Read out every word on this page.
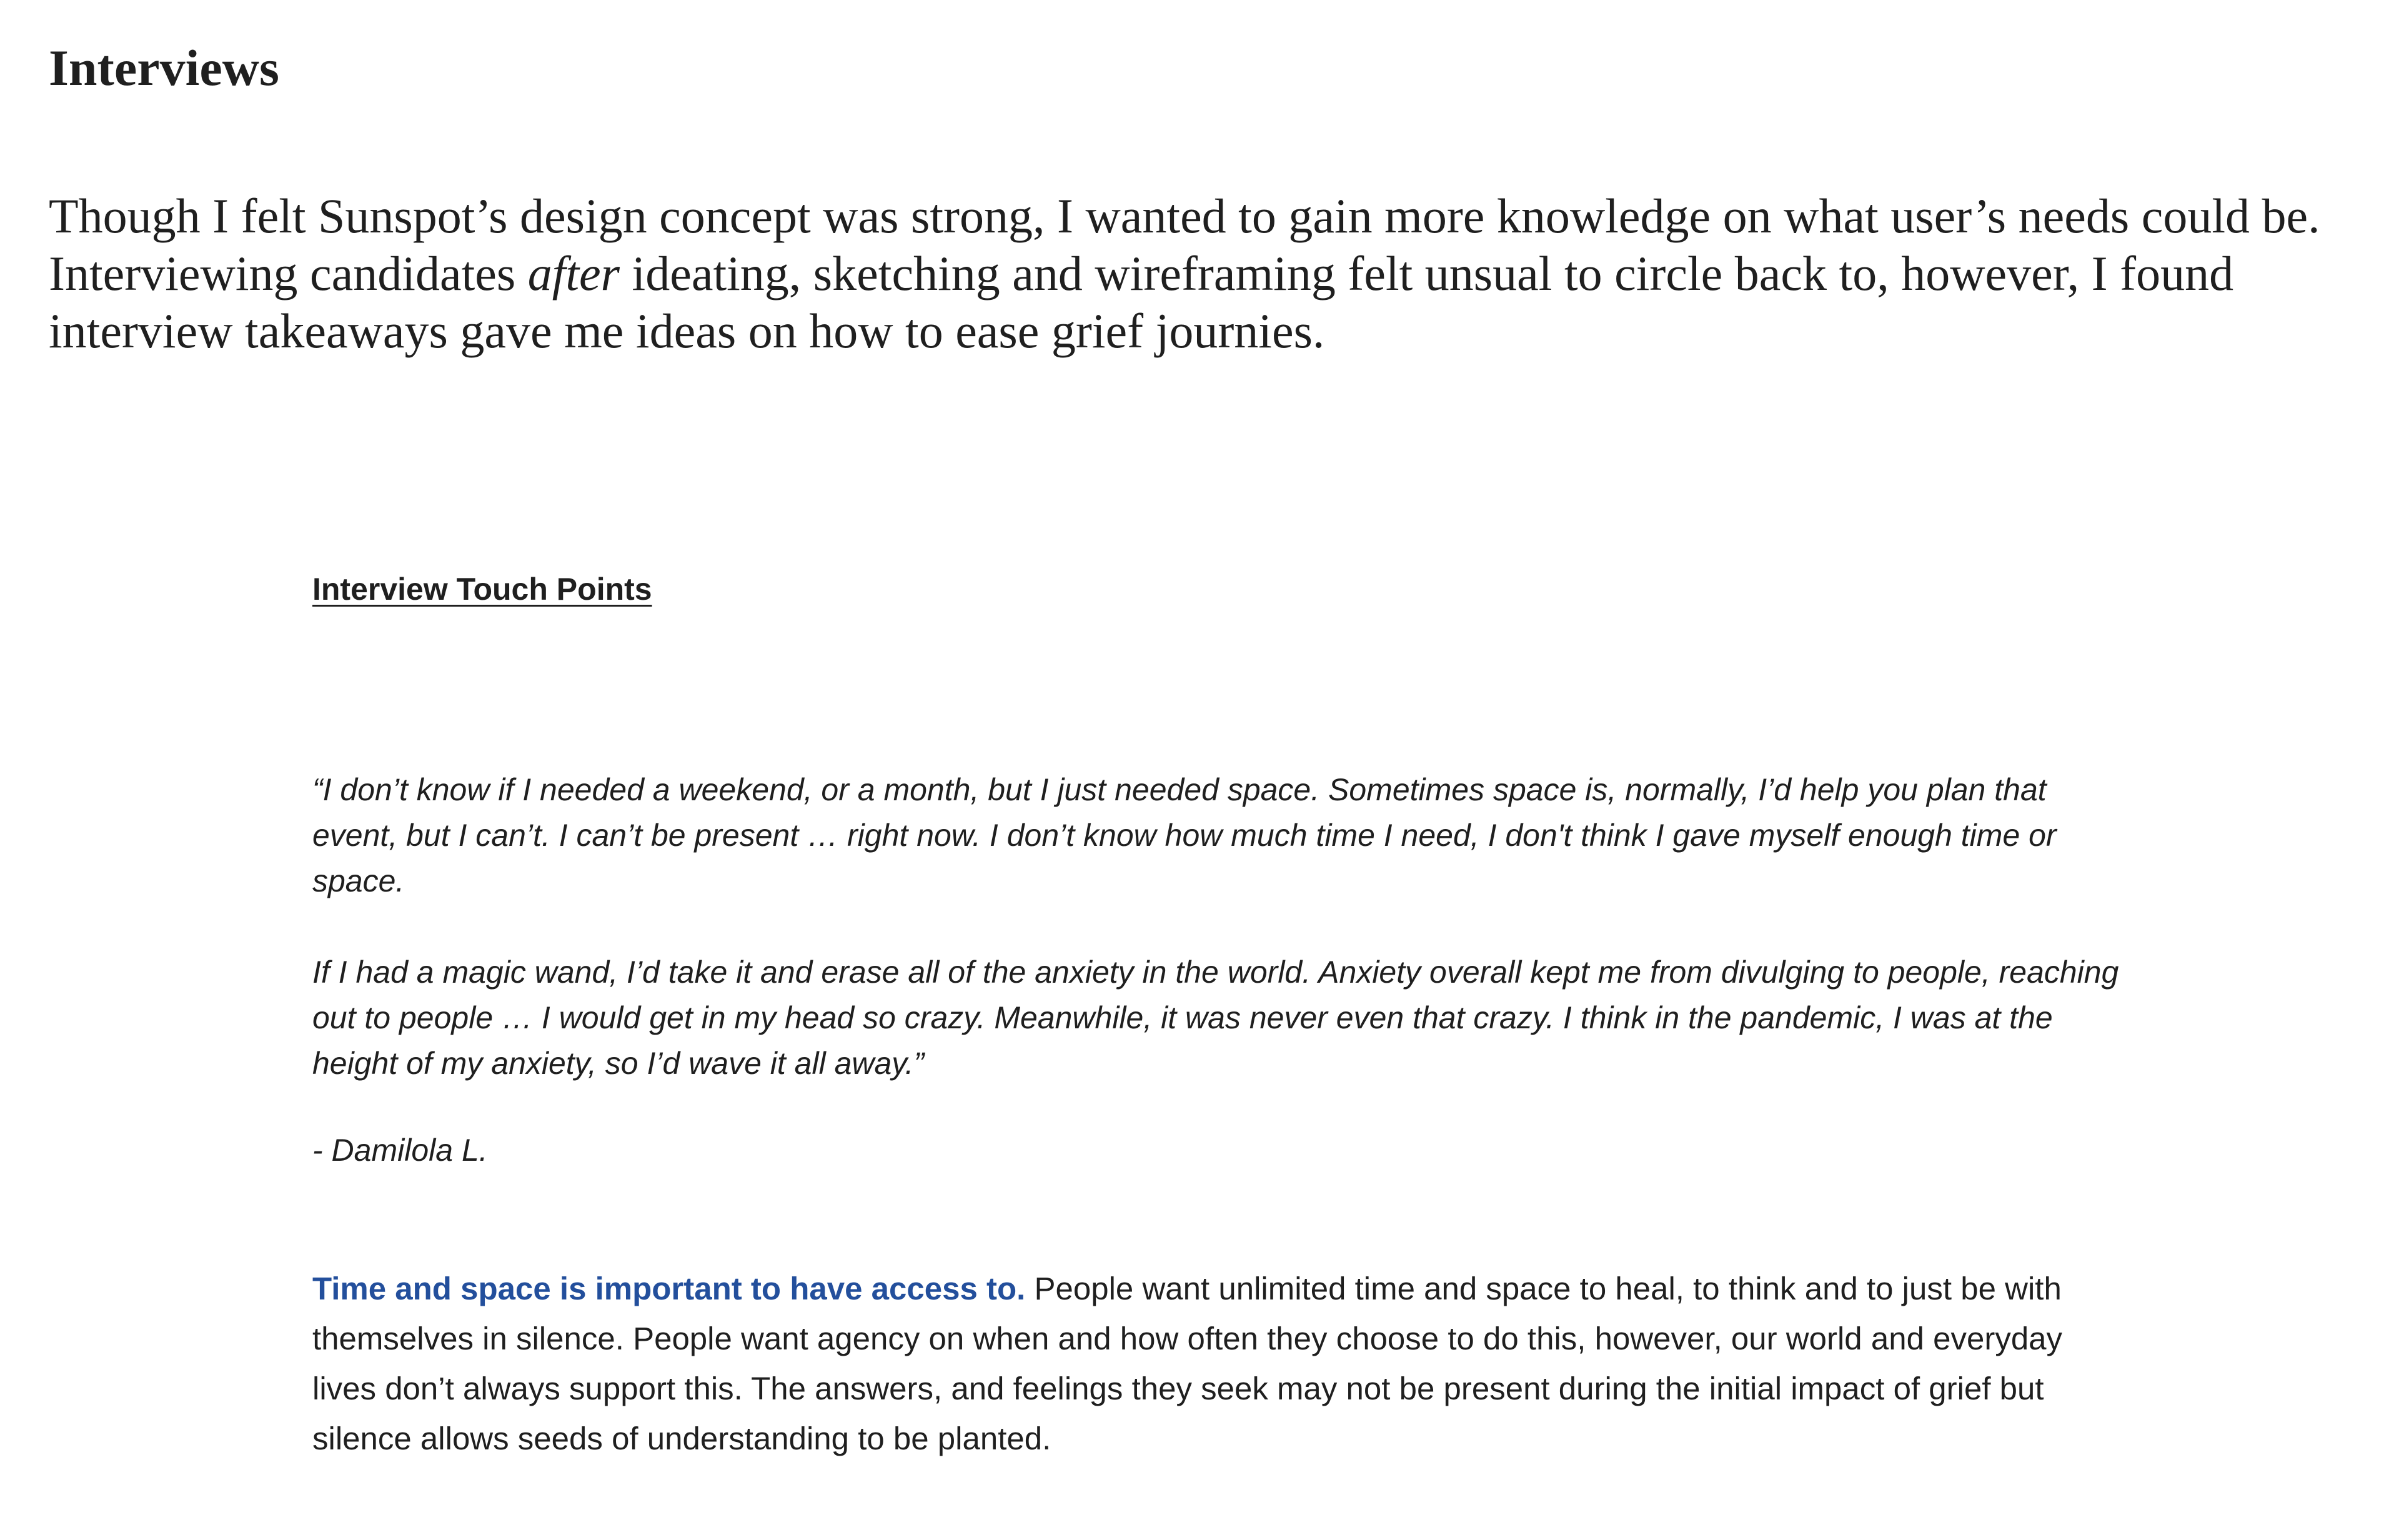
Interviews

Though I felt Sunspot’s design concept was strong, I wanted to gain more knowledge on what user’s needs could be. Interviewing candidates after ideating, sketching and wireframing felt unsual to circle back to, however, I found interview takeaways gave me ideas on how to ease grief journies.

Interview Touch Points

“I don’t know if I needed a weekend, or a month, but I just needed space. Sometimes space is, normally, I’d help you plan that event, but I can’t. I can’t be present … right now. I don’t know how much time I need, I don't think I gave myself enough time or space.

If I had a magic wand, I’d take it and erase all of the anxiety in the world. Anxiety overall kept me from divulging to people, reaching out to people … I would get in my head so crazy. Meanwhile, it was never even that crazy. I think in the pandemic, I was at the height of my anxiety, so I’d wave it all away.”

- Damilola L.

Time and space is important to have access to. People want unlimited time and space to heal, to think and to just be with themselves in silence. People want agency on when and how often they choose to do this, however, our world and everyday lives don’t always support this. The answers, and feelings they seek may not be present during the initial impact of grief but silence allows seeds of understanding to be planted.
